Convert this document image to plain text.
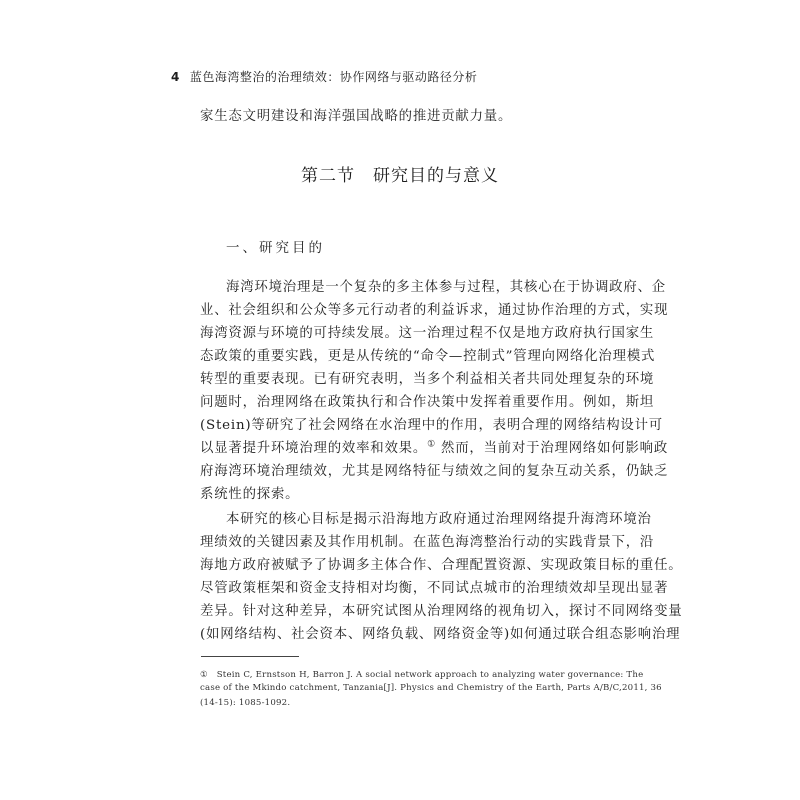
4 蓝色海湾整治的治理绩效：协作网络与驱动路径分析
家生态文明建设和海洋强国战略的推进贡献力量。
第二节　研究目的与意义
一、研究目的
海湾环境治理是一个复杂的多主体参与过程，其核心在于协调政府、企
业、社会组织和公众等多元行动者的利益诉求，通过协作治理的方式，实现
海湾资源与环境的可持续发展。这一治理过程不仅是地方政府执行国家生
态政策的重要实践，更是从传统的“命令—控制式”管理向网络化治理模式
转型的重要表现。已有研究表明，当多个利益相关者共同处理复杂的环境
问题时，治理网络在政策执行和合作决策中发挥着重要作用。例如，斯坦
(Stein)等研究了社会网络在水治理中的作用，表明合理的网络结构设计可
以显著提升环境治理的效率和效果。① 然而，当前对于治理网络如何影响政
府海湾环境治理绩效，尤其是网络特征与绩效之间的复杂互动关系，仍缺乏
系统性的探索。
本研究的核心目标是揭示沿海地方政府通过治理网络提升海湾环境治
理绩效的关键因素及其作用机制。在蓝色海湾整治行动的实践背景下，沿
海地方政府被赋予了协调多主体合作、合理配置资源、实现政策目标的重任。
尽管政策框架和资金支持相对均衡，不同试点城市的治理绩效却呈现出显著
差异。针对这种差异，本研究试图从治理网络的视角切入，探讨不同网络变量
(如网络结构、社会资本、网络负载、网络资金等)如何通过联合组态影响治理
①　Stein C, Ernstson H, Barron J. A social network approach to analyzing water governance: The
case of the Mkindo catchment, Tanzania[J]. Physics and Chemistry of the Earth, Parts A/B/C,2011, 36
(14-15): 1085-1092.
